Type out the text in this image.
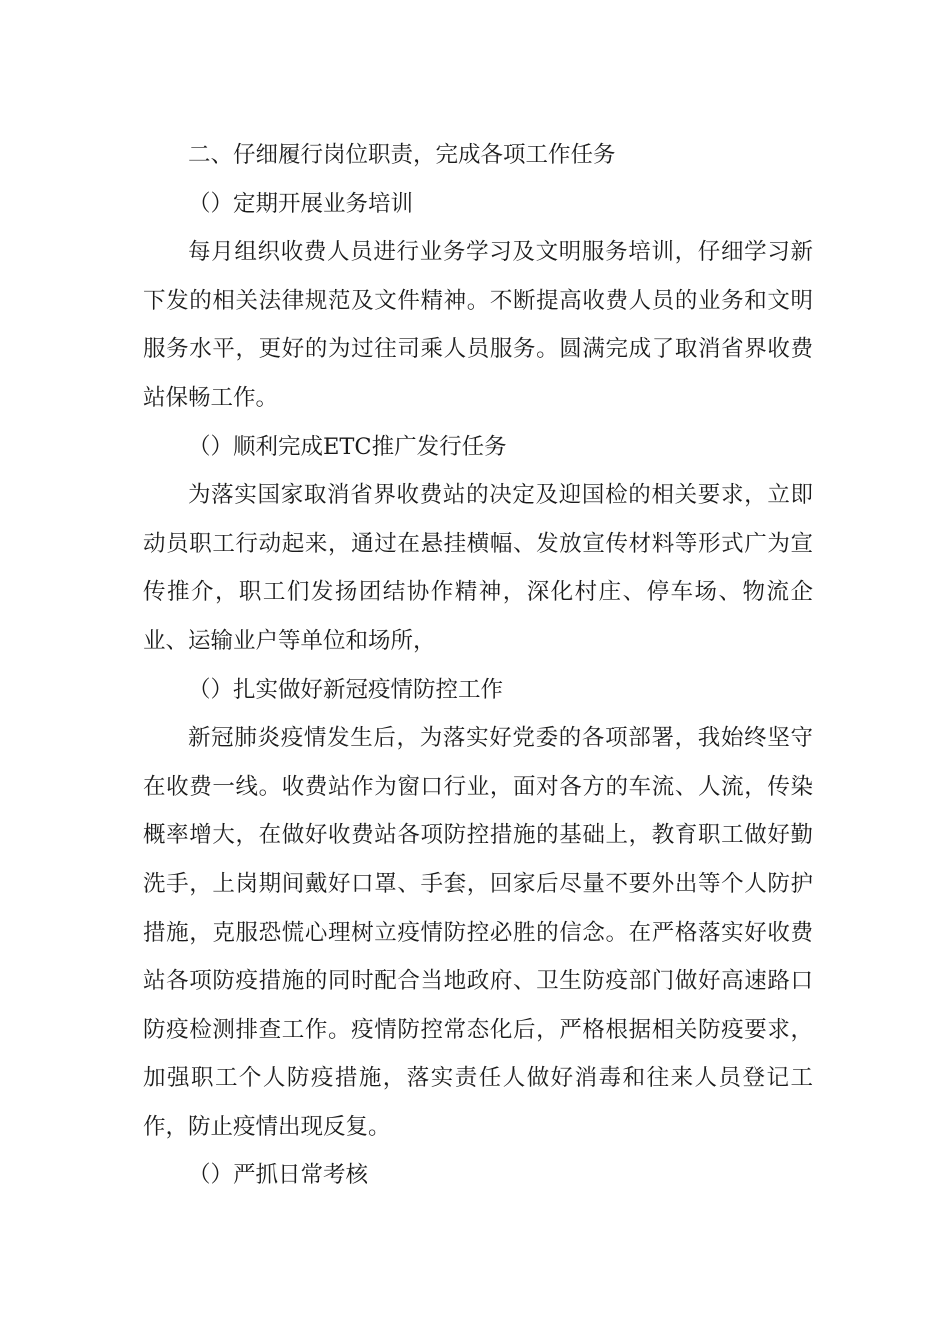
二、仔细履行岗位职责，完成各项工作任务

（）定期开展业务培训

每月组织收费人员进行业务学习及文明服务培训，仔细学习新下发的相关法律规范及文件精神。不断提高收费人员的业务和文明服务水平，更好的为过往司乘人员服务。圆满完成了取消省界收费站保畅工作。

（）顺利完成ETC推广发行任务

为落实国家取消省界收费站的决定及迎国检的相关要求，立即动员职工行动起来，通过在悬挂横幅、发放宣传材料等形式广为宣传推介，职工们发扬团结协作精神，深化村庄、停车场、物流企业、运输业户等单位和场所，

（）扎实做好新冠疫情防控工作

新冠肺炎疫情发生后，为落实好党委的各项部署，我始终坚守在收费一线。收费站作为窗口行业，面对各方的车流、人流，传染概率增大，在做好收费站各项防控措施的基础上，教育职工做好勤洗手，上岗期间戴好口罩、手套，回家后尽量不要外出等个人防护措施，克服恐慌心理树立疫情防控必胜的信念。在严格落实好收费站各项防疫措施的同时配合当地政府、卫生防疫部门做好高速路口防疫检测排查工作。疫情防控常态化后，严格根据相关防疫要求，加强职工个人防疫措施，落实责任人做好消毒和往来人员登记工作，防止疫情出现反复。

（）严抓日常考核
